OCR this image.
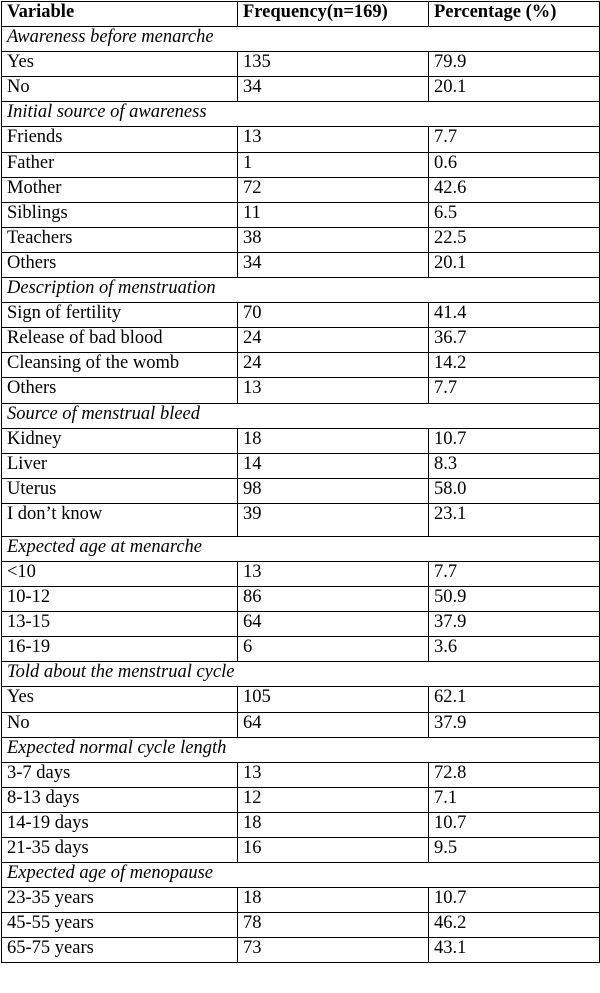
Variable	Frequency(n=169)	Percentage (%)
Awareness before menarche		
Yes	135	79.9
No	34	20.1
Initial source of awareness		
Friends	13	7.7
Father	1	0.6
Mother	72	42.6
Siblings	11	6.5
Teachers	38	22.5
Others	34	20.1
Description of menstruation		
Sign of fertility	70	41.4
Release of bad blood	24	36.7
Cleansing of the womb	24	14.2
Others	13	7.7
Source of menstrual bleed		
Kidney	18	10.7
Liver	14	8.3
Uterus	98	58.0
I don’t know	39	23.1
Expected age at menarche		
<10	13	7.7
10-12	86	50.9
13-15	64	37.9
16-19	6	3.6
Told about the menstrual cycle		
Yes	105	62.1
No	64	37.9
Expected normal cycle length		
3-7 days	13	72.8
8-13 days	12	7.1
14-19 days	18	10.7
21-35 days	16	9.5
Expected age of menopause		
23-35 years	18	10.7
45-55 years	78	46.2
65-75 years	73	43.1
